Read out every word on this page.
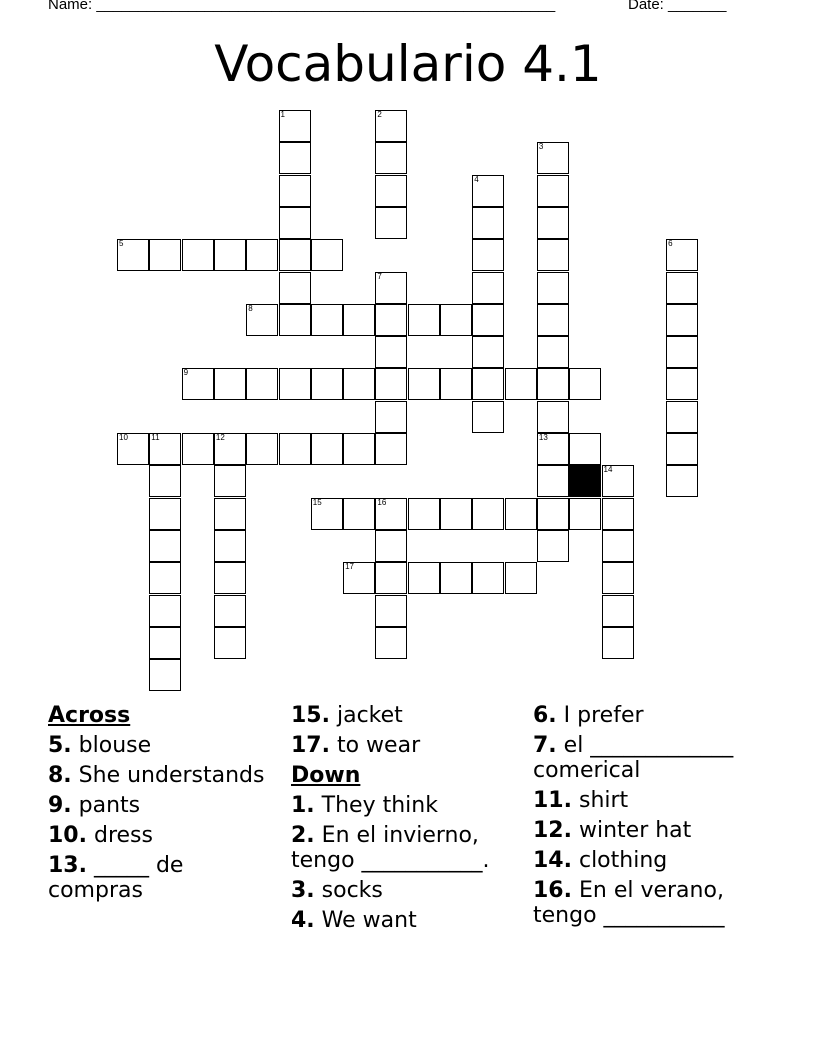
Name: _______________________________________________________	Date: _______
Vocabulario 4.1
1	2
3
4
5	6
7
8
9
10	11	12	13
14
15	16
17
Across
5. blouse
8. She understands
9. pants
10. dress
13. _____ de compras
15. jacket
17. to wear
Down
1. They think
2. En el invierno, tengo ___________.
3. socks
4. We want
6. I prefer
7. el _____________ comerical
11. shirt
12. winter hat
14. clothing
16. En el verano, tengo ___________
